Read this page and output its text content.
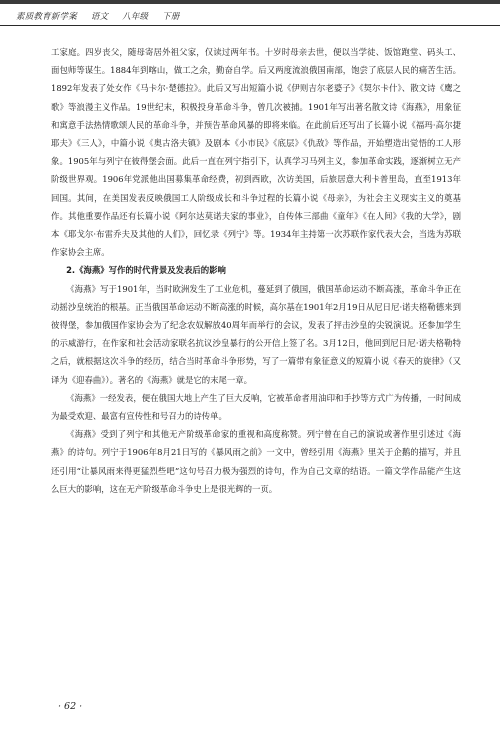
素质教育新学案 语文 八年级 下册

工家庭。四岁丧父，随母寄居外祖父家，仅读过两年书。十岁时母亲去世，便以当学徒、饭馆跑堂、码头工、面包师等谋生。1884年到喀山，做工之余，勤奋自学。后又两度流浪俄国南部，饱尝了底层人民的痛苦生活。1892年发表了处女作《马卡尔·楚德拉》。此后又写出短篇小说《伊则吉尔老婆子》《契尔卡什》、散文诗《鹰之歌》等浪漫主义作品。19世纪末，积极投身革命斗争，曾几次被捕。1901年写出著名散文诗《海燕》，用象征和寓意手法热情歌颂人民的革命斗争，并预告革命风暴的即将来临。在此前后还写出了长篇小说《福玛·高尔捷耶夫》《三人》，中篇小说《奥古洛夫镇》及剧本《小市民》《底层》《仇敌》等作品，开始塑造出觉悟的工人形象。1905年与列宁在彼得堡会面。此后一直在列宁指引下，认真学习马列主义，参加革命实践，逐渐树立无产阶级世界观。1906年党派他出国募集革命经费，初到西欧，次访美国，后旅居意大利卡普里岛，直至1913年回国。其间，在美国发表反映俄国工人阶级成长和斗争过程的长篇小说《母亲》，为社会主义现实主义的奠基作。其他重要作品还有长篇小说《阿尔达莫诺夫家的事业》，自传体三部曲《童年》《在人间》《我的大学》，剧本《耶戈尔·布雷乔夫及其他的人们》，回忆录《列宁》等。1934年主持第一次苏联作家代表大会，当选为苏联作家协会主席。

2.《海燕》写作的时代背景及发表后的影响

《海燕》写于1901年，当时欧洲发生了工业危机，蔓延到了俄国，俄国革命运动不断高涨，革命斗争正在动摇沙皇统治的根基。正当俄国革命运动不断高涨的时候，高尔基在1901年2月19日从尼日尼·诺夫格勒德来到彼得堡，参加俄国作家协会为了纪念农奴解放40周年而举行的会议，发表了抨击沙皇的尖锐演说。还参加学生的示威游行，在作家和社会活动家联名抗议沙皇暴行的公开信上签了名。3月12日，他回到尼日尼·诺夫格勒特之后，就根据这次斗争的经历，结合当时革命斗争形势，写了一篇带有象征意义的短篇小说《春天的旋律》（又译为《迎春曲》）。著名的《海燕》就是它的末尾一章。

《海燕》一经发表，便在俄国大地上产生了巨大反响，它被革命者用油印和手抄等方式广为传播，一时间成为最受欢迎、最富有宣传性和号召力的诗传单。

《海燕》受到了列宁和其他无产阶级革命家的重视和高度称赞。列宁曾在自己的演说或著作里引述过《海燕》的诗句。列宁于1906年8月21日写的《暴风雨之前》一文中，曾经引用《海燕》里关于企鹅的描写，并且还引用“让暴风雨来得更猛烈些吧”这句号召力极为强烈的诗句，作为自己文章的结语。一篇文学作品能产生这么巨大的影响，这在无产阶级革命斗争史上是很光辉的一页。

· 62 ·
